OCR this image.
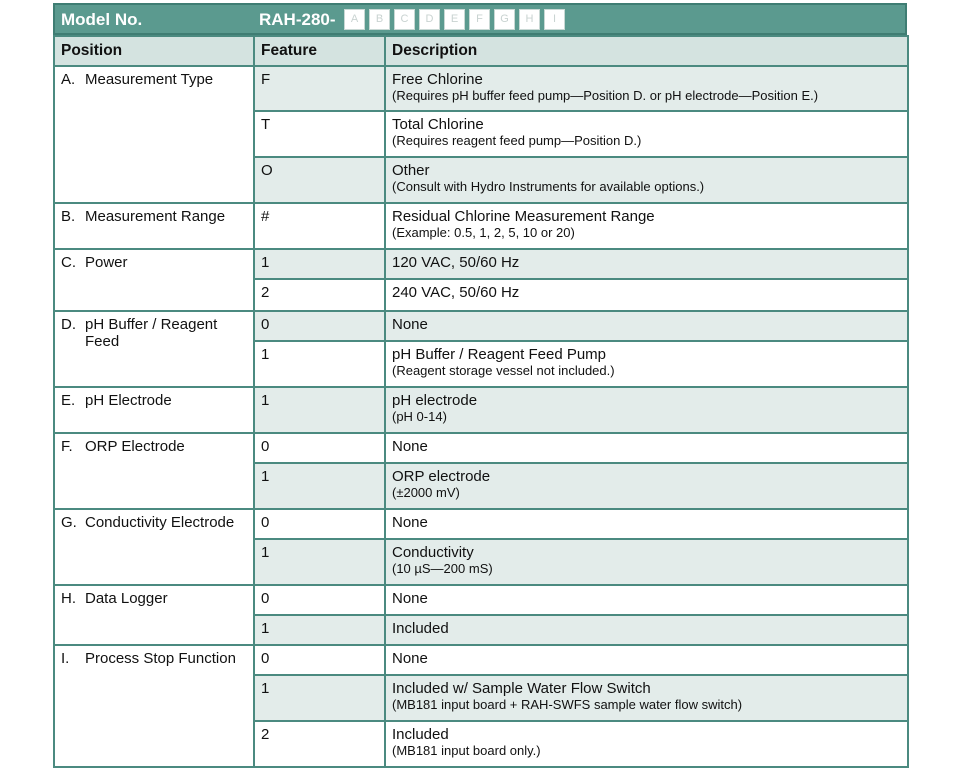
Model No.	RAH-280-	A	B	C	D	E	F	G	H	I
Position	Feature	Description

A. Measurement Type	F	Free Chlorine
(Requires pH buffer feed pump—Position D. or pH electrode—Position E.)

	T	Total Chlorine
(Requires reagent feed pump—Position D.)

	O	Other
(Consult with Hydro Instruments for available options.)

B. Measurement Range	#	Residual Chlorine Measurement Range
(Example: 0.5, 1, 2, 5, 10 or 20)

C. Power	1	120 VAC, 50/60 Hz
	2	240 VAC, 50/60 Hz

D. pH Buffer / Reagent Feed	0	None
	1	pH Buffer / Reagent Feed Pump
(Reagent storage vessel not included.)

E. pH Electrode	1	pH electrode
(pH 0-14)

F. ORP Electrode	0	None
	1	ORP electrode
(±2000 mV)

G. Conductivity Electrode	0	None
	1	Conductivity
(10 µS—200 mS)

H. Data Logger	0	None
	1	Included

I. Process Stop Function	0	None
	1	Included w/ Sample Water Flow Switch
(MB181 input board + RAH-SWFS sample water flow switch)

	2	Included
(MB181 input board only.)
